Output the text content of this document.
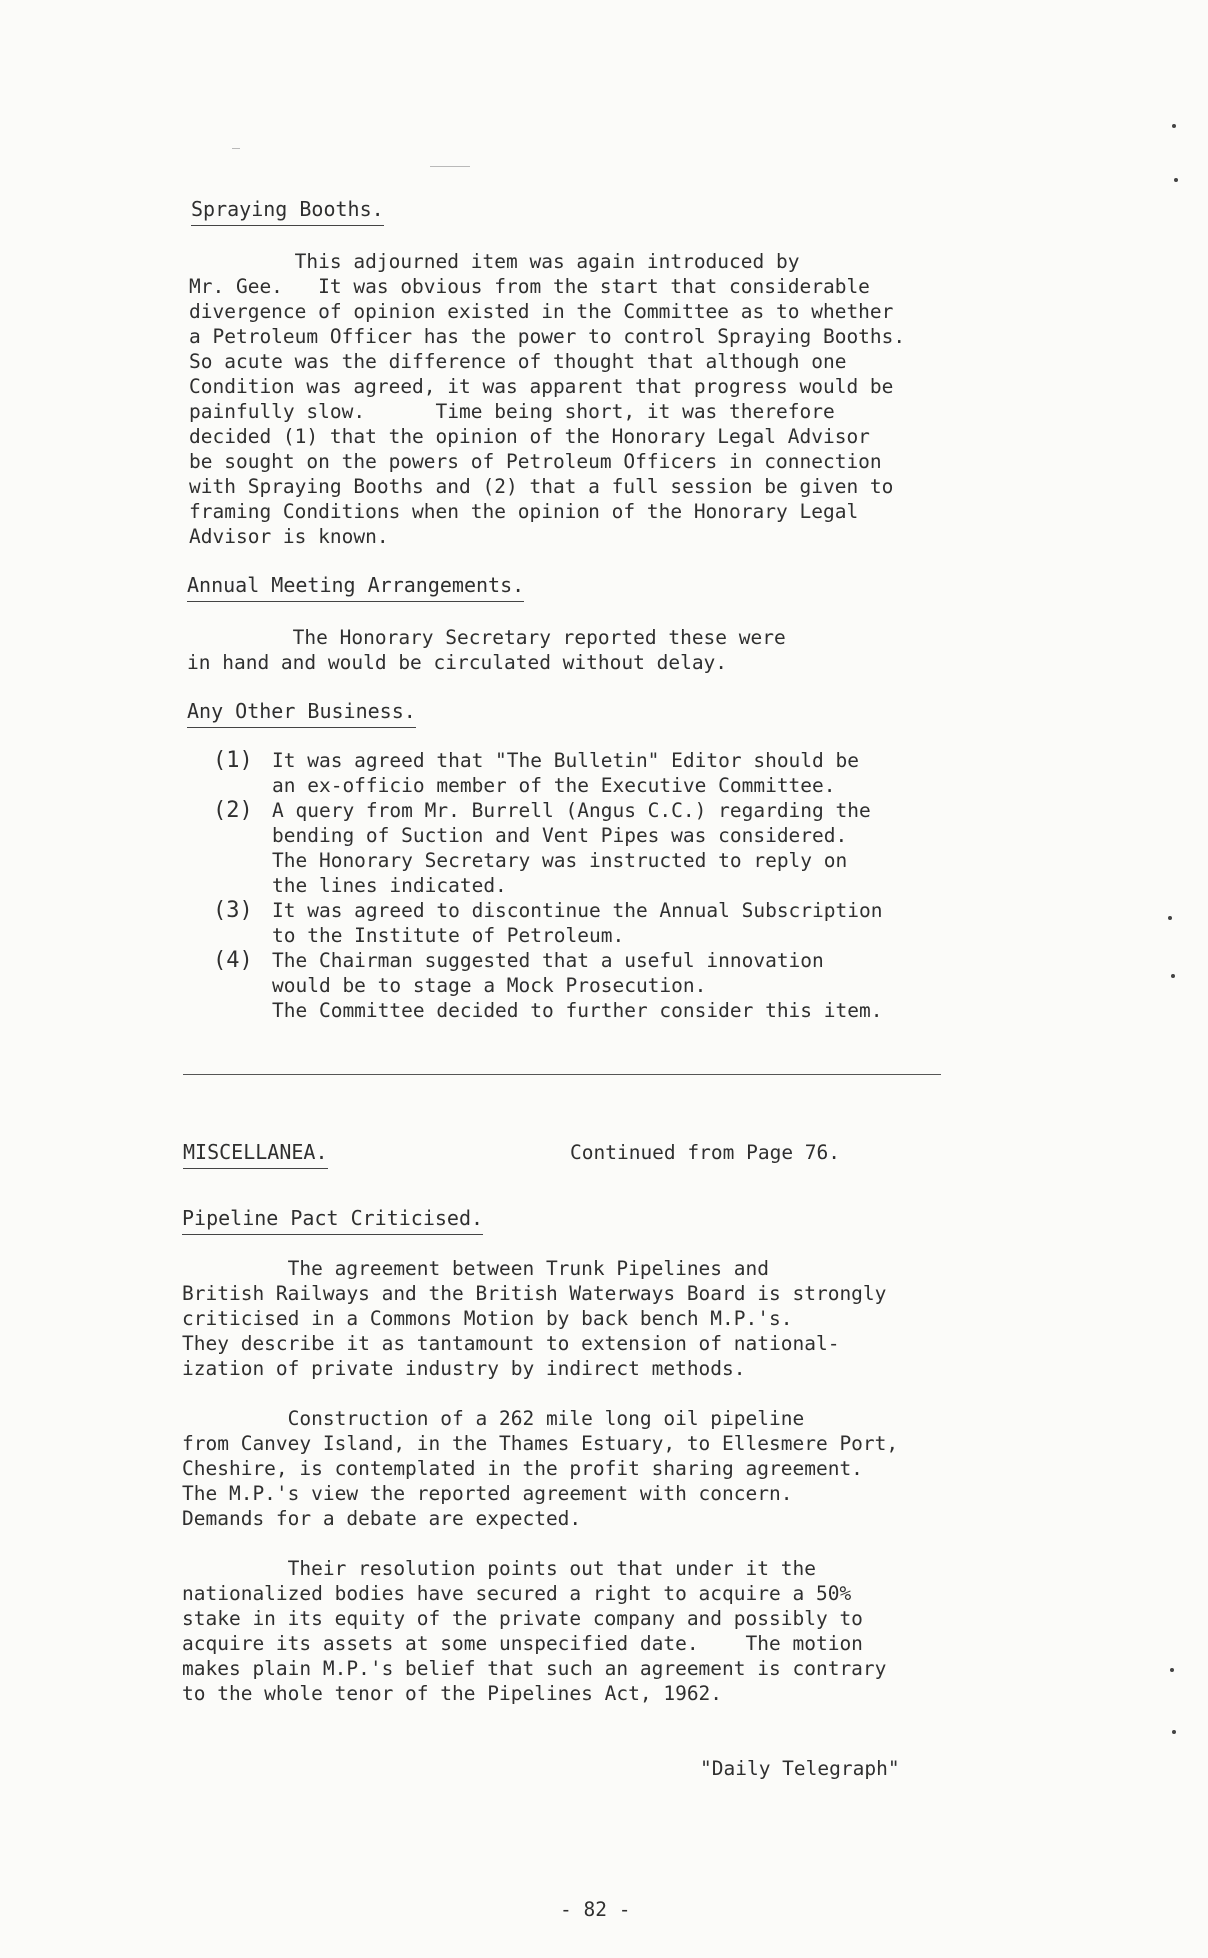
Spraying Booths.
This adjourned item was again introduced by
Mr. Gee.   It was obvious from the start that considerable
divergence of opinion existed in the Committee as to whether
a Petroleum Officer has the power to control Spraying Booths.
So acute was the difference of thought that although one
Condition was agreed, it was apparent that progress would be
painfully slow.      Time being short, it was therefore
decided (1) that the opinion of the Honorary Legal Advisor
be sought on the powers of Petroleum Officers in connection
with Spraying Booths and (2) that a full session be given to
framing Conditions when the opinion of the Honorary Legal
Advisor is known.
Annual Meeting Arrangements.
The Honorary Secretary reported these were
in hand and would be circulated without delay.
Any Other Business.
(1) It was agreed that "The Bulletin" Editor should be
an ex-officio member of the Executive Committee.
(2) A query from Mr. Burrell (Angus C.C.) regarding the
bending of Suction and Vent Pipes was considered.
The Honorary Secretary was instructed to reply on
the lines indicated.
(3) It was agreed to discontinue the Annual Subscription
to the Institute of Petroleum.
(4) The Chairman suggested that a useful innovation
would be to stage a Mock Prosecution.
The Committee decided to further consider this item.
MISCELLANEA.	Continued from Page 76.
Pipeline Pact Criticised.
The agreement between Trunk Pipelines and
British Railways and the British Waterways Board is strongly
criticised in a Commons Motion by back bench M.P.'s.
They describe it as tantamount to extension of national-
ization of private industry by indirect methods.
Construction of a 262 mile long oil pipeline
from Canvey Island, in the Thames Estuary, to Ellesmere Port,
Cheshire, is contemplated in the profit sharing agreement.
The M.P.'s view the reported agreement with concern.
Demands for a debate are expected.
Their resolution points out that under it the
nationalized bodies have secured a right to acquire a 50%
stake in its equity of the private company and possibly to
acquire its assets at some unspecified date.    The motion
makes plain M.P.'s belief that such an agreement is contrary
to the whole tenor of the Pipelines Act, 1962.
"Daily Telegraph"
- 82 -
